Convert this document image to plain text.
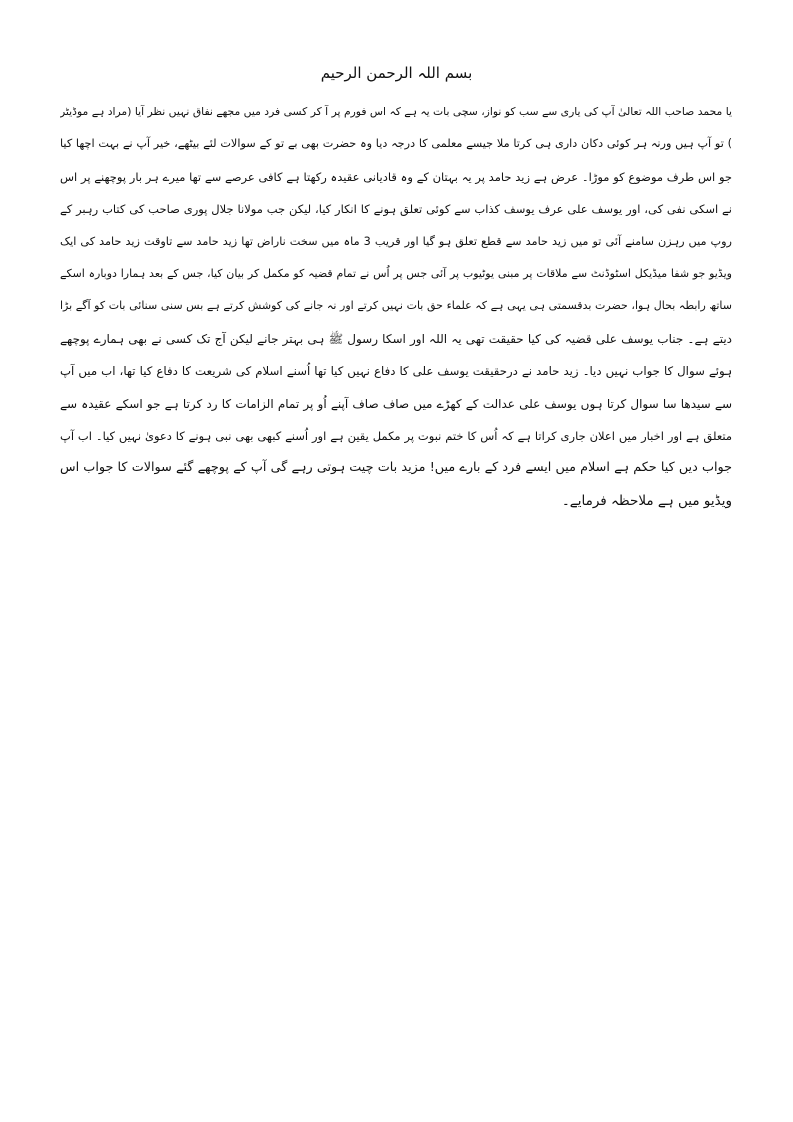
بسم اللہ الرحمن الرحیم
یا محمد صاحب اللہ تعالیٰ آپ کی یاری سے سب کو نواز، سچی بات یہ ہے کہ اس فورم پر آ کر کسی فرد میں مجھے نفاق نہیں نظر آیا (مراد ہے موڈیٹر
) تو آپ ہیں ورنہ ہر کوئی دکان داری ہی کرتا ملا جیسے معلمی کا درجہ دیا وہ حضرت بھی بے تو کے سوالات لئے بیٹھے، خیر آپ نے بہت اچھا کیا
جو اس طرف موضوع کو موڑا۔ عرض ہے زید حامد پر یہ بہتان کے وہ قادیانی عقیدہ رکھتا ہے کافی عرصے سے تھا میرے ہر بار پوچھنے پر اس
نے اسکی نفی کی، اور یوسف علی عرف یوسف کذاب سے کوئی تعلق ہونے کا انکار کیا، لیکن جب مولانا جلال پوری صاحب کی کتاب رہبر کے
روپ میں رہزن سامنے آئی تو میں زید حامد سے قطع تعلق ہو گیا اور قریب 3 ماہ میں سخت ناراض تھا زید حامد سے تاوقت زید حامد کی ایک
ویڈیو جو شفا میڈیکل اسٹوڈنٹ سے ملاقات پر مبنی یوٹیوب پر آئی جس پر اُس نے تمام قضیہ کو مکمل کر بیان کیا، جس کے بعد ہمارا دوبارہ اسکے
ساتھ رابطہ بحال ہوا، حضرت بدقسمتی ہی یہی ہے کہ علماء حق بات نہیں کرتے اور نہ جانے کی کوشش کرتے ہے بس سنی سنائی بات کو آگے بڑا
دیتے ہے۔ جناب یوسف علی قضیہ کی کیا حقیقت تھی یہ اللہ اور اسکا رسول ﷺ ہی بہتر جانے لیکن آج تک کسی نے بھی ہمارے پوچھے
ہوئے سوال کا جواب نہیں دیا۔ زید حامد نے درحقیقت یوسف علی کا دفاع نہیں کیا تھا اُسنے اسلام کی شریعت کا دفاع کیا تھا، اب میں آپ
سے سیدھا سا سوال کرتا ہوں یوسف علی عدالت کے کھڑے میں صاف صاف آپنے اُو پر تمام الزامات کا رد کرتا ہے جو اسکے عقیدہ سے
متعلق ہے اور اخبار میں اعلان جاری کراتا ہے کہ اُس کا ختم نبوت پر مکمل یقین ہے اور اُسنے کبھی بھی نبی ہونے کا دعویٰ نہیں کیا۔ اب آپ
جواب دیں کیا حکم ہے اسلام میں ایسے فرد کے بارے میں! مزید بات چیت ہوتی رہے گی آپ کے پوچھے گئے سوالات کا جواب اس
ویڈیو میں ہے ملاحظہ فرمایے۔
